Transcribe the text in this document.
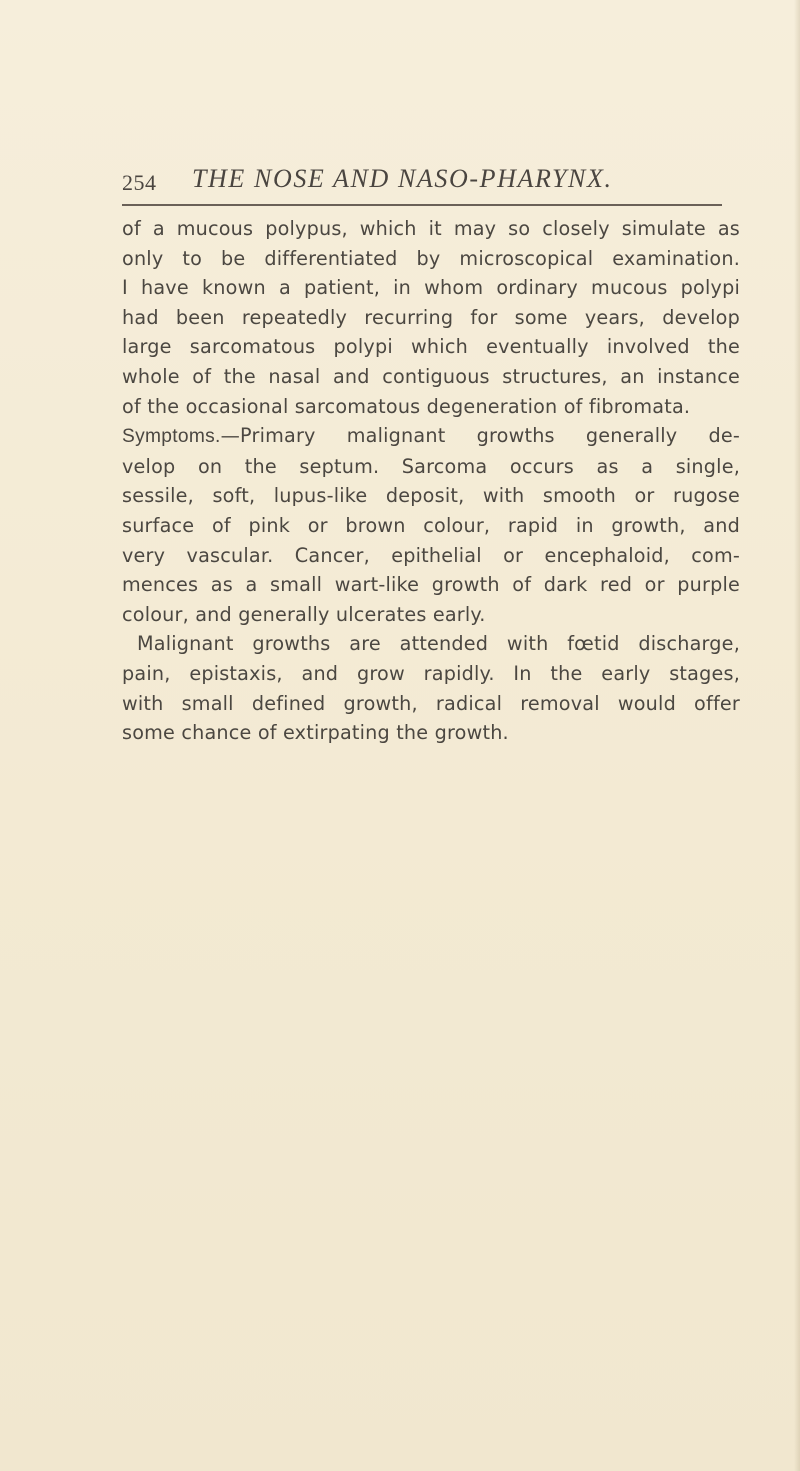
254 THE NOSE AND NASO-PHARYNX.
of a mucous polypus, which it may so closely simulate as
only to be differentiated by microscopical examination.
I have known a patient, in whom ordinary mucous polypi
had been repeatedly recurring for some years, develop
large sarcomatous polypi which eventually involved the
whole of the nasal and contiguous structures, an instance
of the occasional sarcomatous degeneration of fibromata.
Symptoms.—Primary malignant growths generally de-
velop on the septum. Sarcoma occurs as a single,
sessile, soft, lupus-like deposit, with smooth or rugose
surface of pink or brown colour, rapid in growth, and
very vascular. Cancer, epithelial or encephaloid, com-
mences as a small wart-like growth of dark red or purple
colour, and generally ulcerates early.
Malignant growths are attended with fœtid discharge,
pain, epistaxis, and grow rapidly. In the early stages,
with small defined growth, radical removal would offer
some chance of extirpating the growth.
